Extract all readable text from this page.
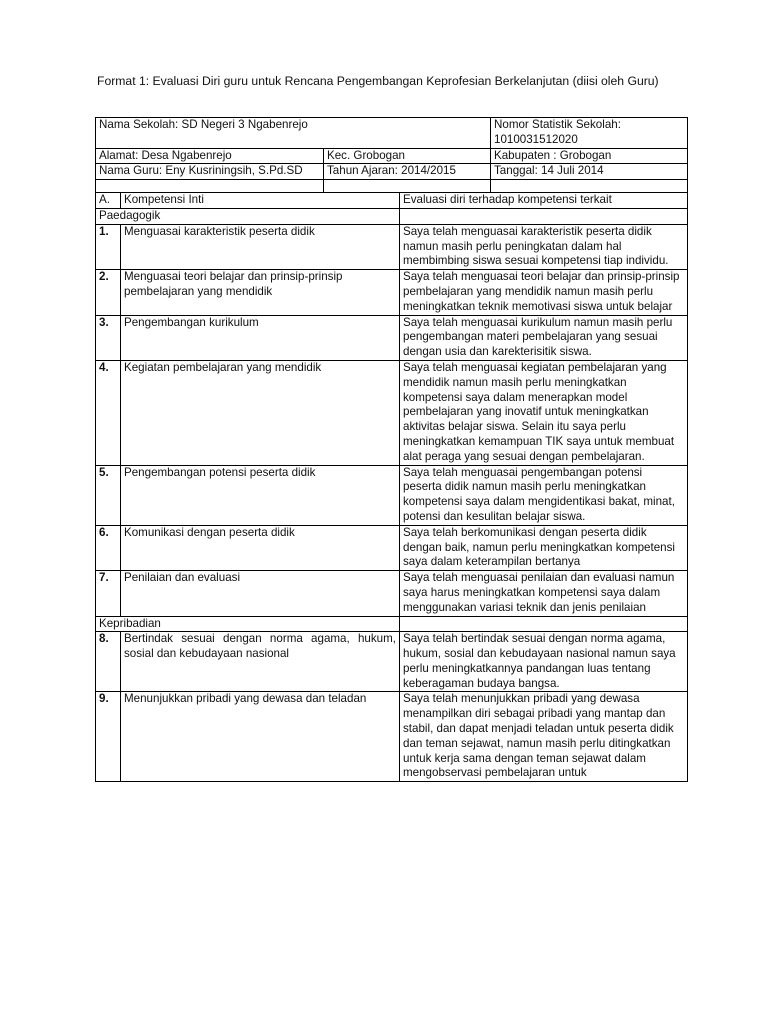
Format 1: Evaluasi Diri guru untuk Rencana Pengembangan Keprofesian Berkelanjutan (diisi oleh Guru)
Nama Sekolah: SD Negeri 3 Ngabenrejo				Nomor Statistik Sekolah: 1010031512020
Alamat: Desa Ngabenrejo		Kec. Grobogan		Kabupaten : Grobogan
Nama Guru: Eny Kusriningsih, S.Pd.SD		Tahun Ajaran: 2014/2015		Tanggal: 14 Juli 2014

A.	Kompetensi Inti		Evaluasi diri terhadap kompetensi terkait	
Paedagogik				
1.	Menguasai karakteristik peserta didik		Saya telah menguasai karakteristik peserta didik namun masih perlu peningkatan dalam hal membimbing siswa sesuai kompetensi tiap individu.	
2.	Menguasai teori belajar dan prinsip-prinsip pembelajaran yang mendidik		Saya telah menguasai teori belajar dan prinsip-prinsip pembelajaran yang mendidik namun masih perlu meningkatkan teknik memotivasi siswa untuk belajar	
3.	Pengembangan kurikulum		Saya telah menguasai kurikulum namun masih perlu pengembangan materi pembelajaran yang sesuai dengan usia dan karekterisitik siswa.	
4.	Kegiatan pembelajaran yang mendidik		Saya telah menguasai kegiatan pembelajaran yang mendidik namun masih perlu meningkatkan kompetensi saya dalam menerapkan model pembelajaran yang inovatif untuk meningkatkan aktivitas belajar siswa. Selain itu saya perlu meningkatkan kemampuan TIK saya untuk membuat alat peraga yang sesuai dengan pembelajaran.	
5.	Pengembangan potensi peserta didik		Saya telah menguasai pengembangan potensi peserta didik namun masih perlu meningkatkan kompetensi saya dalam mengidentikasi bakat, minat, potensi dan kesulitan belajar siswa.	
6.	Komunikasi dengan peserta didik		Saya telah berkomunikasi dengan peserta didik dengan baik, namun perlu meningkatkan kompetensi saya dalam keterampilan bertanya	
7.	Penilaian dan evaluasi		Saya telah menguasai penilaian dan evaluasi namun saya harus meningkatkan kompetensi saya dalam menggunakan variasi teknik dan jenis penilaian	
Kepribadian				
8.	Bertindak sesuai dengan norma agama, hukum, sosial dan kebudayaan nasional		Saya telah bertindak sesuai dengan norma agama, hukum, sosial dan kebudayaan nasional namun saya perlu meningkatkannya pandangan luas tentang keberagaman budaya bangsa.	
9.	Menunjukkan pribadi yang dewasa dan teladan		Saya telah menunjukkan pribadi yang dewasa menampilkan diri sebagai pribadi yang mantap dan stabil, dan dapat menjadi teladan untuk peserta didik dan teman sejawat, namun masih perlu ditingkatkan untuk kerja sama dengan teman sejawat dalam mengobservasi pembelajaran untuk	
